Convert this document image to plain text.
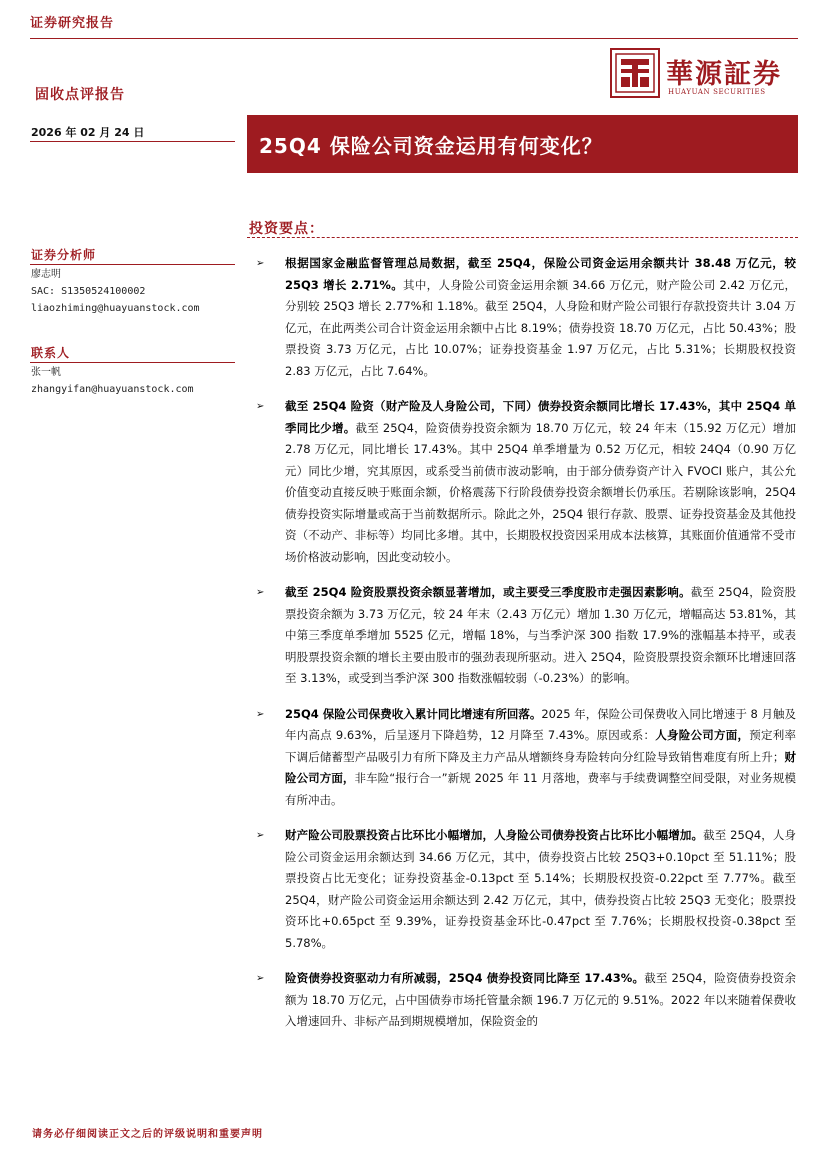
证券研究报告
華源証券
HUAYUAN SECURITIES
固收点评报告
2026 年 02 月 24 日
25Q4 保险公司资金运用有何变化？
证券分析师
廖志明
SAC: S1350524100002
liaozhiming@huayuanstock.com
联系人
张一帆
zhangyifan@huayuanstock.com
投资要点：
➢ 根据国家金融监督管理总局数据，截至 25Q4，保险公司资金运用余额共计 38.48 万亿元，较 25Q3 增长 2.71%。其中，人身险公司资金运用余额 34.66 万亿元，财产险公司 2.42 万亿元，分别较 25Q3 增长 2.77%和 1.18%。截至 25Q4，人身险和财产险公司银行存款投资共计 3.04 万亿元，在此两类公司合计资金运用余额中占比 8.19%；债券投资 18.70 万亿元，占比 50.43%；股票投资 3.73 万亿元，占比 10.07%；证券投资基金 1.97 万亿元，占比 5.31%；长期股权投资 2.83 万亿元，占比 7.64%。
➢ 截至 25Q4 险资（财产险及人身险公司，下同）债券投资余额同比增长 17.43%，其中 25Q4 单季同比少增。截至 25Q4，险资债券投资余额为 18.70 万亿元，较 24 年末（15.92 万亿元）增加 2.78 万亿元，同比增长 17.43%。其中 25Q4 单季增量为 0.52 万亿元，相较 24Q4（0.90 万亿元）同比少增，究其原因，或系受当前债市波动影响，由于部分债券资产计入 FVOCI 账户，其公允价值变动直接反映于账面余额，价格震荡下行阶段债券投资余额增长仍承压。若剔除该影响，25Q4 债券投资实际增量或高于当前数据所示。除此之外，25Q4 银行存款、股票、证券投资基金及其他投资（不动产、非标等）均同比多增。其中，长期股权投资因采用成本法核算，其账面价值通常不受市场价格波动影响，因此变动较小。
➢ 截至 25Q4 险资股票投资余额显著增加，或主要受三季度股市走强因素影响。截至 25Q4，险资股票投资余额为 3.73 万亿元，较 24 年末（2.43 万亿元）增加 1.30 万亿元，增幅高达 53.81%，其中第三季度单季增加 5525 亿元，增幅 18%，与当季沪深 300 指数 17.9%的涨幅基本持平，或表明股票投资余额的增长主要由股市的强劲表现所驱动。进入 25Q4，险资股票投资余额环比增速回落至 3.13%，或受到当季沪深 300 指数涨幅较弱（-0.23%）的影响。
➢ 25Q4 保险公司保费收入累计同比增速有所回落。2025 年，保险公司保费收入同比增速于 8 月触及年内高点 9.63%，后呈逐月下降趋势，12 月降至 7.43%。原因或系：人身险公司方面，预定利率下调后储蓄型产品吸引力有所下降及主力产品从增额终身寿险转向分红险导致销售难度有所上升；财险公司方面，非车险“报行合一”新规 2025 年 11 月落地，费率与手续费调整空间受限，对业务规模有所冲击。
➢ 财产险公司股票投资占比环比小幅增加，人身险公司债券投资占比环比小幅增加。截至 25Q4，人身险公司资金运用余额达到 34.66 万亿元，其中，债券投资占比较 25Q3+0.10pct 至 51.11%；股票投资占比无变化；证券投资基金-0.13pct 至 5.14%；长期股权投资-0.22pct 至 7.77%。截至 25Q4，财产险公司资金运用余额达到 2.42 万亿元，其中，债券投资占比较 25Q3 无变化；股票投资环比+0.65pct 至 9.39%，证券投资基金环比-0.47pct 至 7.76%；长期股权投资-0.38pct 至 5.78%。
➢ 险资债券投资驱动力有所减弱，25Q4 债券投资同比降至 17.43%。截至 25Q4，险资债券投资余额为 18.70 万亿元，占中国债券市场托管量余额 196.7 万亿元的 9.51%。2022 年以来随着保费收入增速回升、非标产品到期规模增加，保险资金的
请务必仔细阅读正文之后的评级说明和重要声明
